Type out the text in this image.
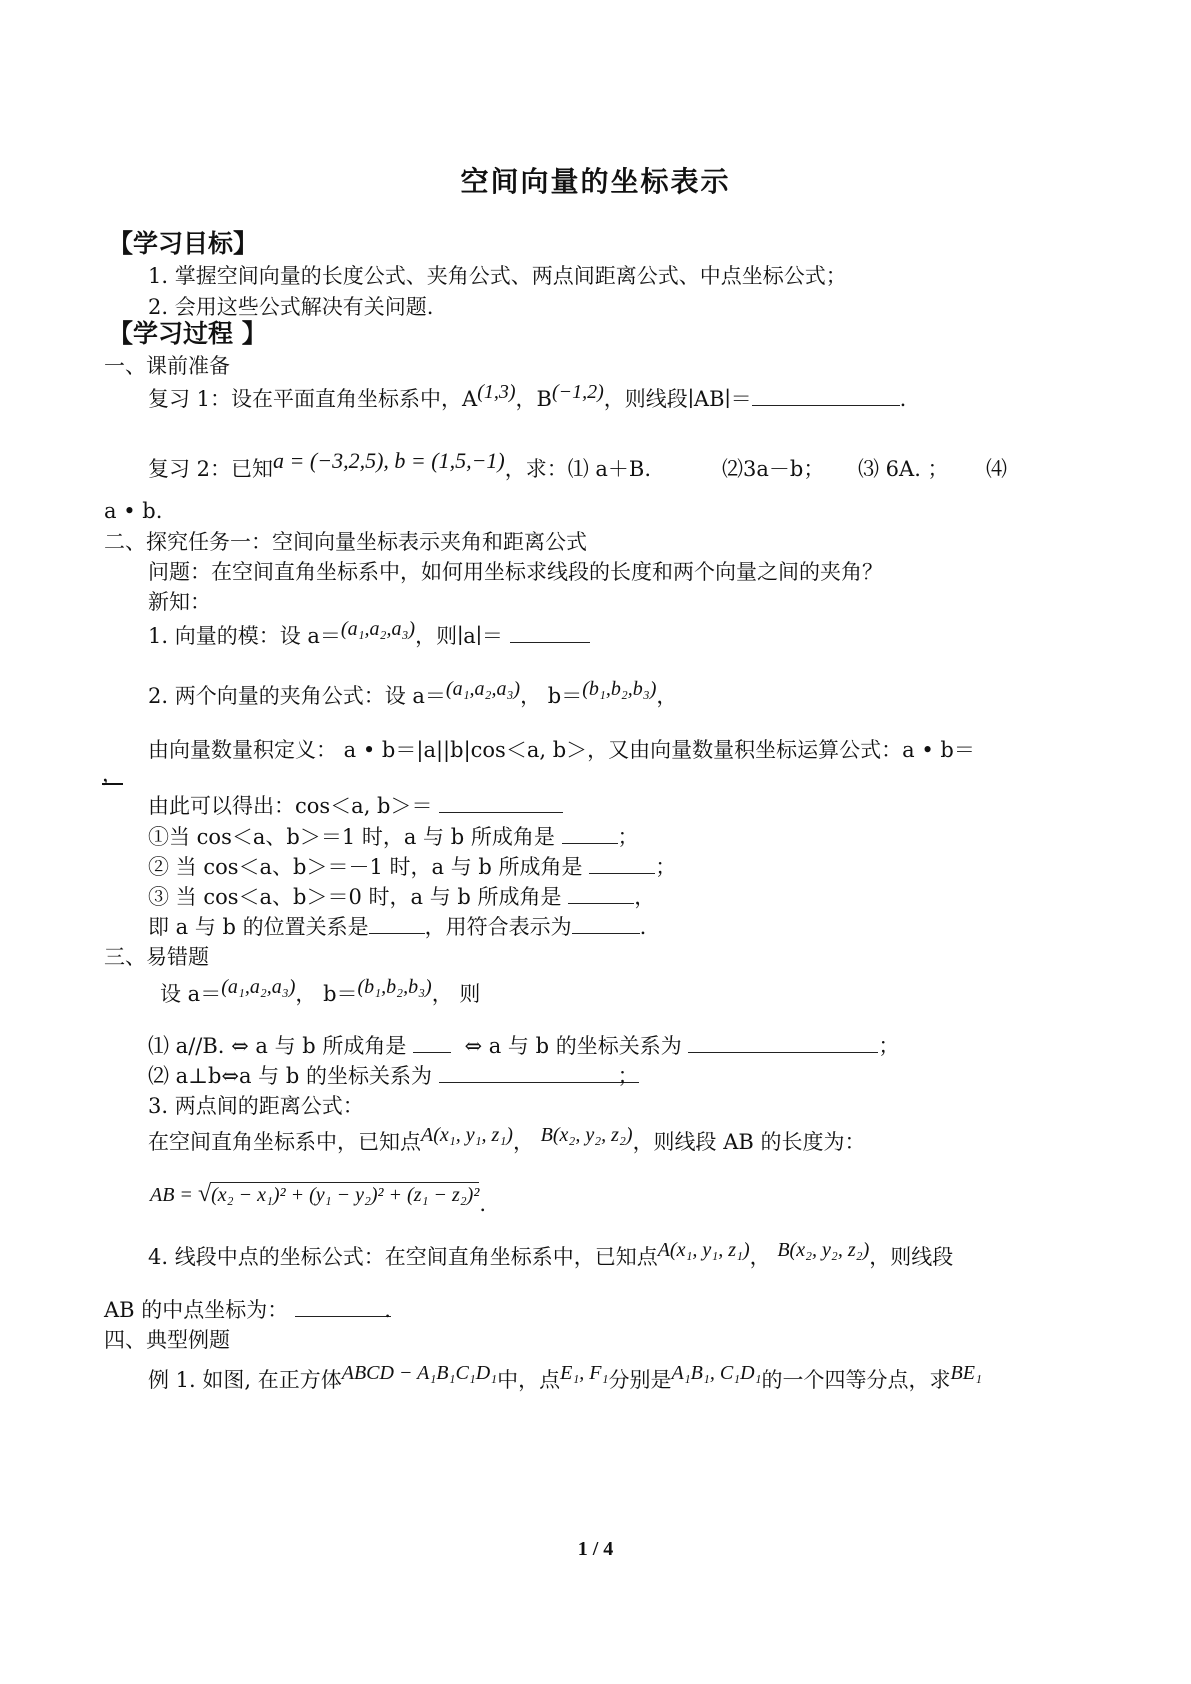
空间向量的坐标表示
【学习目标】
1. 掌握空间向量的长度公式、夹角公式、两点间距离公式、中点坐标公式；
2. 会用这些公式解决有关问题.
【学习过程 】
一、课前准备
复习 1：设在平面直角坐标系中，A(1,3)，B(−1,2)，则线段∣AB∣＝	.
复习 2：已知a = (−3,2,5), b = (1,5,−1)，求：⑴ a＋B.	⑵3a－b； ⑶ 6A. ； ⑷
a • b.
二、探究任务一：空间向量坐标表示夹角和距离公式
问题：在空间直角坐标系中，如何用坐标求线段的长度和两个向量之间的夹角？
新知：
1. 向量的模：设 a＝(a₁,a₂,a₃)，则∣a∣＝
2. 两个向量的夹角公式：设 a＝(a₁,a₂,a₃)， b＝(b₁,b₂,b₃)，
由向量数量积定义： a • b＝|a||b|cos＜a, b＞，又由向量数量积坐标运算公式：a • b＝
，
由此可以得出：cos＜a, b＞＝
①当 cos＜a、b＞＝1 时，a 与 b 所成角是	；
② 当 cos＜a、b＞＝－1 时，a 与 b 所成角是	；
③ 当 cos＜a、b＞＝0 时，a 与 b 所成角是	，
即 a 与 b 的位置关系是	，用符合表示为	.
三、易错题
设 a＝(a₁,a₂,a₃)， b＝(b₁,b₂,b₃)， 则
⑴ a//B. ⇔ a 与 b 所成角是	⇔ a 与 b 的坐标关系为	；
⑵ a⊥b⇔a 与 b 的坐标关系为	；
3. 两点间的距离公式：
在空间直角坐标系中，已知点A(x₁, y₁, z₁)， B(x₂, y₂, z₂)，则线段 AB 的长度为：
AB = √(x₂ − x₁)² + (y₁ − y₂)² + (z₁ − z₂)².
4. 线段中点的坐标公式：在空间直角坐标系中，已知点A(x₁, y₁, z₁)， B(x₂, y₂, z₂)，则线段
AB 的中点坐标为：	.
四、典型例题
例 1. 如图, 在正方体ABCD − A₁B₁C₁D₁中，点E₁, F₁分别是A₁B₁, C₁D₁的一个四等分点，求BE₁
1 / 4
